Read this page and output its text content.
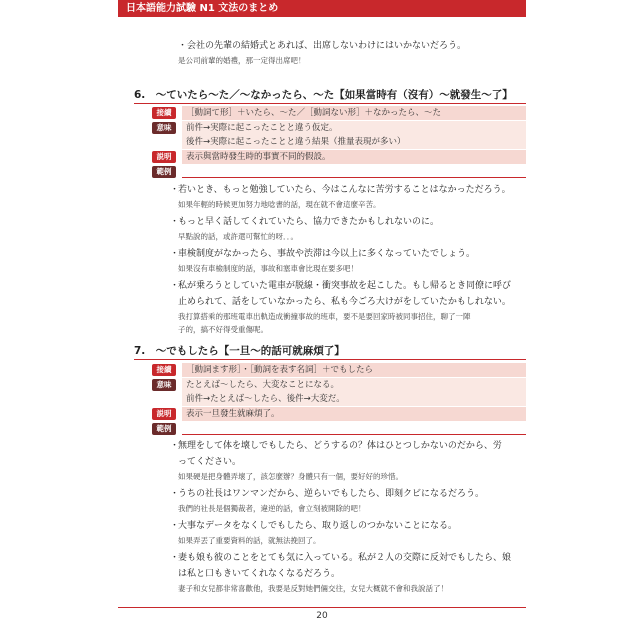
日本語能力試驗 N1 文法のまとめ
・会社の先輩の結婚式とあれば、出席しないわけにはいかないだろう。
是公司前輩的婚禮，那一定得出席吧！
6.　～ていたら～た／～なかったら、～た【如果當時有（沒有）～就發生～了】
接續	［動詞て形］＋いたら、～た／［動詞ない形］＋なかったら、～た
意味	前件→実際に起こったことと違う仮定。
後件→実際に起こったことと違う結果（推量表現が多い）
説明	表示與當時發生時的事實不同的假設。
範例
・
若いとき、もっと勉強していたら、今はこんなに苦労することはなかっただろう。
如果年輕的時候更加努力地唸書的話，現在就不會這麼辛苦。
・
もっと早く話してくれていたら、協力できたかもしれないのに。
早點說的話，或許還可幫忙的呀．．。
・
車検制度がなかったら、事故や渋滞は今以上に多くなっていたでしょう。
如果沒有車檢制度的話，事故和塞車會比現在要多吧！
・
私が乗ろうとしていた電車が脱線・衝突事故を起こした。もし帰るとき同僚に呼び
止められて、話をしていなかったら、私も今ごろ大けがをしていたかもしれない。
我打算搭乘的那班電車出軌造成衝撞事故的班車，要不是要回家時被同事招住，聊了一陣
子的，搞不好得受重傷呢。
7.　～でもしたら【一旦～的話可就麻煩了】
接續	［動詞ます形］・［動詞を表す名詞］＋でもしたら
意味	たとえば～したら、大変なことになる。
前件→たとえば～したら、後件→大変だ。
説明	表示一旦發生就麻煩了。
範例
・
無理をして体を壊しでもしたら、どうするの？体はひとつしかないのだから、労
ってください。
如果硬是把身體弄壞了，該怎麼辦？身體只有一個，要好好的珍惜。
・
うちの社長はワンマンだから、逆らいでもしたら、即刻クビになるだろう。
我們的社長是個獨裁者，違逆的話，會立刻被開除的吧！
・
大事なデータをなくしでもしたら、取り返しのつかないことになる。
如果弄丟了重要資料的話，就無法挽回了。
・
妻も娘も彼のことをとても気に入っている。私が２人の交際に反対でもしたら、娘
は私と口もきいてくれなくなるだろう。
妻子和女兒都非常喜歡他，我要是反對她們倆交往，女兒大概就不會和我說話了！
20
